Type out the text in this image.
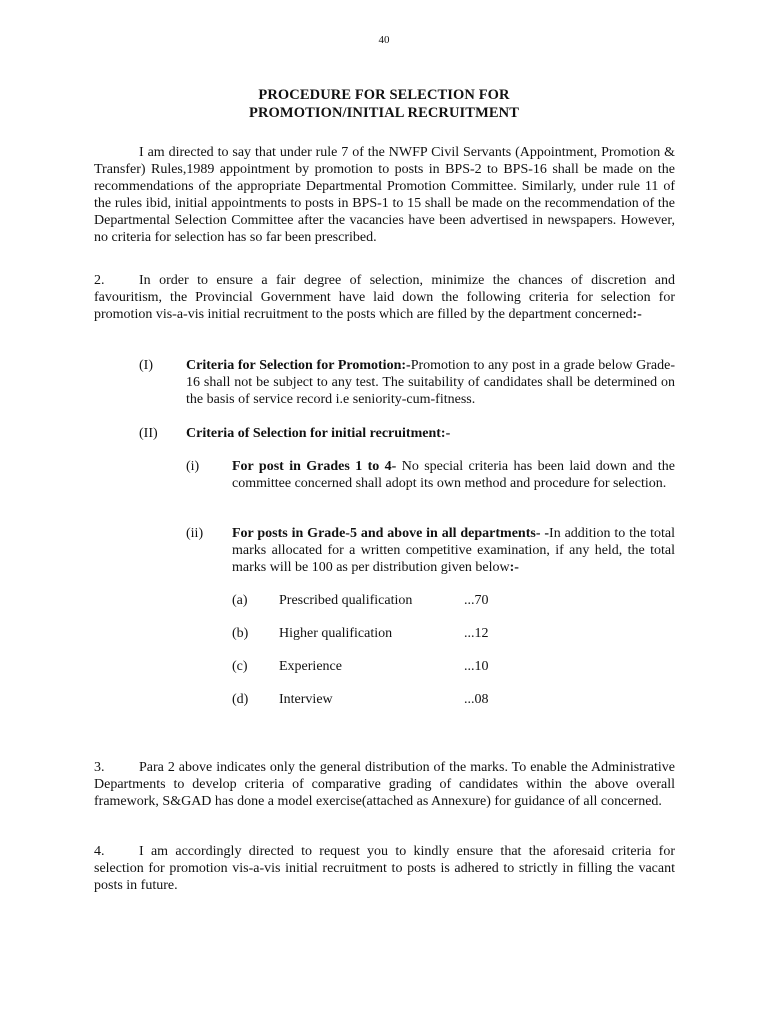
40
PROCEDURE FOR SELECTION FOR
PROMOTION/INITIAL RECRUITMENT

I am directed to say that under rule 7 of the NWFP Civil Servants (Appointment, Promotion & Transfer) Rules,1989 appointment by promotion to posts in BPS-2 to BPS-16 shall be made on the recommendations of the appropriate Departmental Promotion Committee. Similarly, under rule 11 of the rules ibid, initial appointments to posts in BPS-1 to 15 shall be made on the recommendation of the Departmental Selection Committee after the vacancies have been advertised in newspapers. However, no criteria for selection has so far been prescribed.

2. In order to ensure a fair degree of selection, minimize the chances of discretion and favouritism, the Provincial Government have laid down the following criteria for selection for promotion vis-a-vis initial recruitment to the posts which are filled by the department concerned:-

(I) Criteria for Selection for Promotion:-Promotion to any post in a grade below Grade-16 shall not be subject to any test. The suitability of candidates shall be determined on the basis of service record i.e seniority-cum-fitness.
(II) Criteria of Selection for initial recruitment:-
(i) For post in Grades 1 to 4- No special criteria has been laid down and the committee concerned shall adopt its own method and procedure for selection.
(ii) For posts in Grade-5 and above in all departments- -In addition to the total marks allocated for a written competitive examination, if any held, the total marks will be 100 as per distribution given below:-
(a) Prescribed qualification	...70
(b) Higher qualification	...12
(c) Experience	...10
(d) Interview	...08

3. Para 2 above indicates only the general distribution of the marks. To enable the Administrative Departments to develop criteria of comparative grading of candidates within the above overall framework, S&GAD has done a model exercise(attached as Annexure) for guidance of all concerned.

4. I am accordingly directed to request you to kindly ensure that the aforesaid criteria for selection for promotion vis-a-vis initial recruitment to posts is adhered to strictly in filling the vacant posts in future.
